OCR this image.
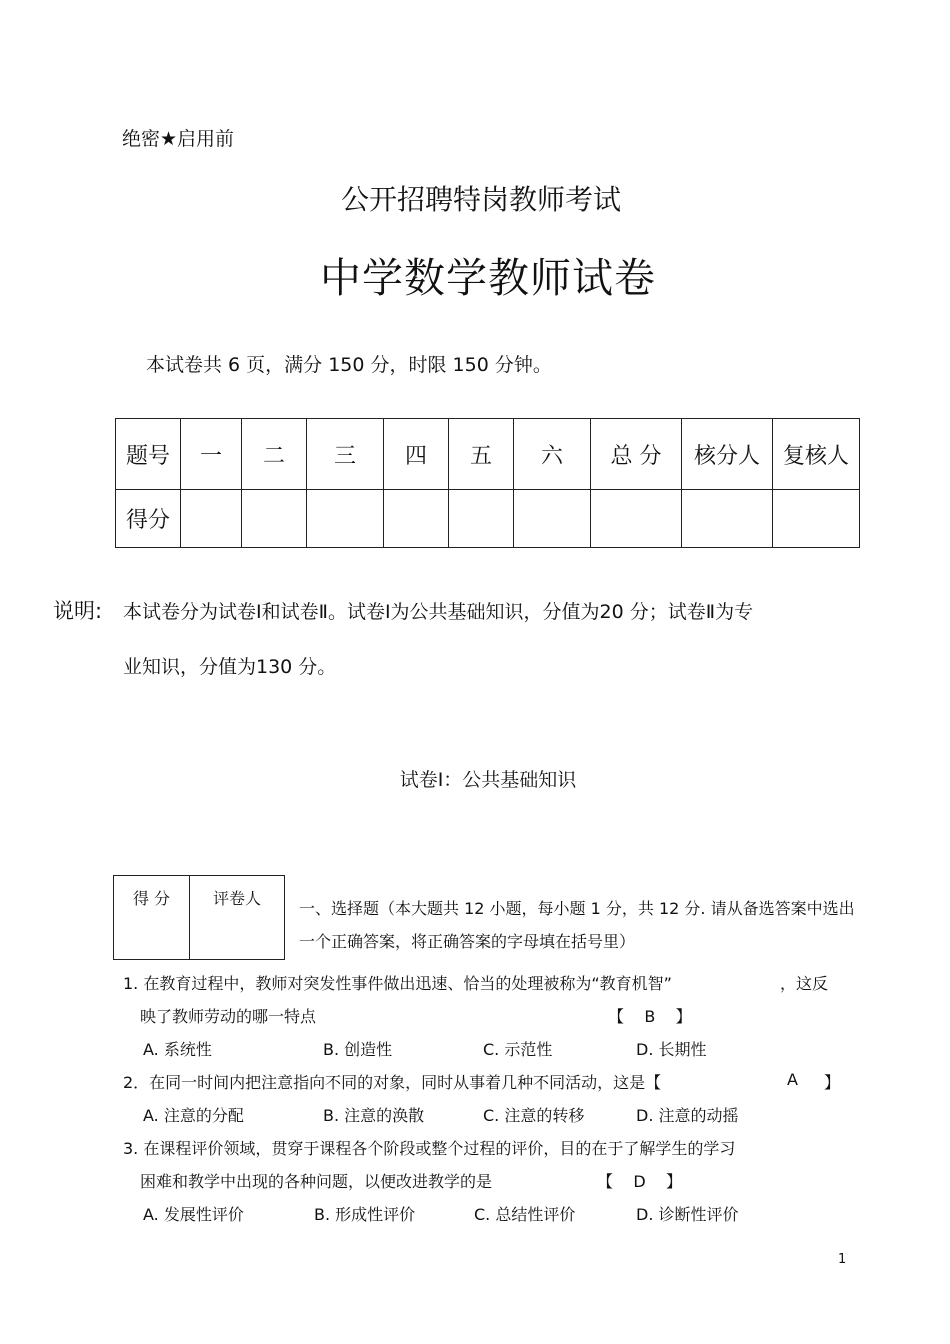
绝密★启用前
公开招聘特岗教师考试
中学数学教师试卷
本试卷共 6 页，满分 150 分，时限 150 分钟。
题号	一	二	三	四	五	六	总 分	核分人	复核人
得分									
说明: 本试卷分为试卷Ⅰ和试卷Ⅱ。试卷Ⅰ为公共基础知识，分值为20 分；试卷Ⅱ为专
业知识，分值为130 分。
试卷Ⅰ：公共基础知识
得 分	评卷人
一、选择题（本大题共 12 小题，每小题 1 分，共 12 分. 请从备选答案中选出
一个正确答案，将正确答案的字母填在括号里）
1. 在教育过程中，教师对突发性事件做出迅速、恰当的处理被称为“教育机智”	，这反
映了教师劳动的哪一特点	【    B    】
A. 系统性	B. 创造性	C. 示范性	D. 长期性
2．在同一时间内把注意指向不同的对象，同时从事着几种不同活动，这是【	A 】
A. 注意的分配	B. 注意的涣散	C. 注意的转移	D. 注意的动摇
3. 在课程评价领域，贯穿于课程各个阶段或整个过程的评价，目的在于了解学生的学习
困难和教学中出现的各种问题，以便改进教学的是	【    D    】
A. 发展性评价	B. 形成性评价	C. 总结性评价	D. 诊断性评价
1
